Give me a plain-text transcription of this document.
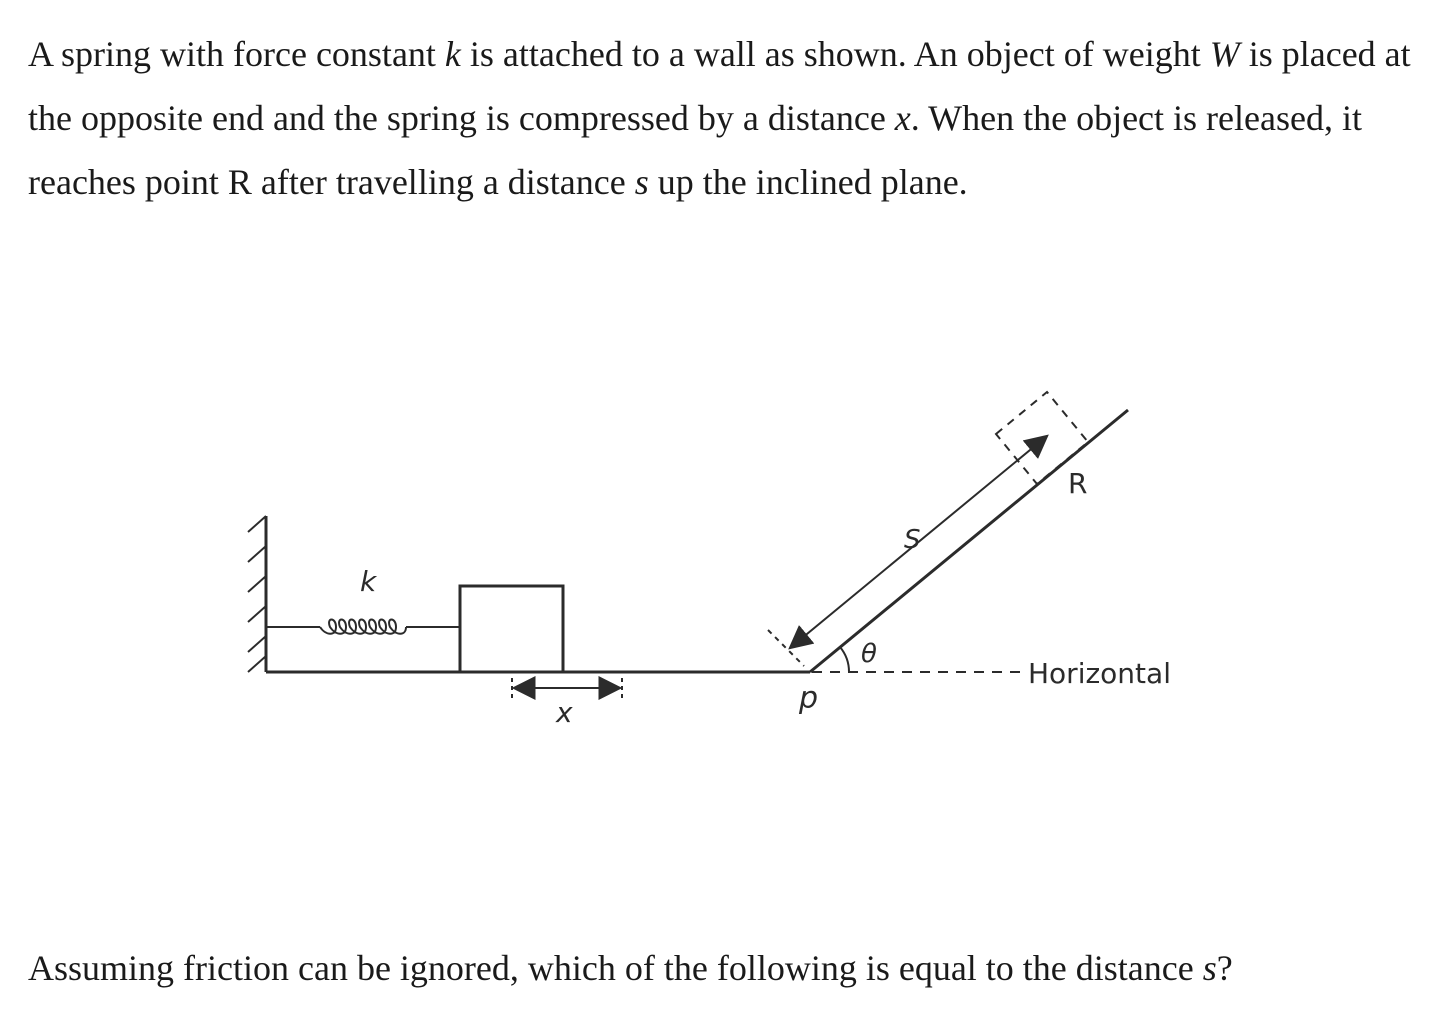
A spring with force constant k is attached to a wall as shown. An object of weight W is placed at the opposite end and the spring is compressed by a distance x. When the object is released, it reaches point R after travelling a distance s up the inclined plane.
k
x	p
θ
S
R
Horizontal
Assuming friction can be ignored, which of the following is equal to the distance s?
